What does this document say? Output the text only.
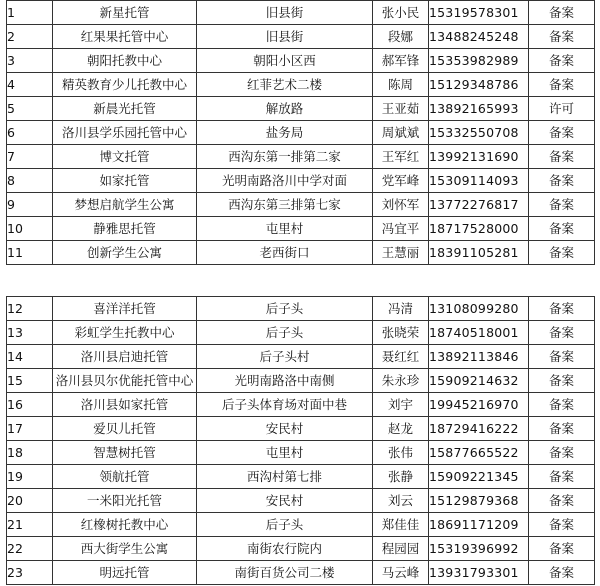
1	新星托管	旧县街	张小民	15319578301	备案
2	红果果托管中心	旧县街	段娜	13488245248	备案
3	朝阳托教中心	朝阳小区西	郝军锋	15353982989	备案
4	精英教育少儿托教中心	红菲艺术二楼	陈周	15129348786	备案
5	新晨光托管	解放路	王亚茹	13892165993	许可
6	洛川县学乐园托管中心	盐务局	周斌斌	15332550708	备案
7	博文托管	西沟东第一排第二家	王军红	13992131690	备案
8	如家托管	光明南路洛川中学对面	党军峰	15309114093	备案
9	梦想启航学生公寓	西沟东第三排第七家	刘怀军	13772276817	备案
10	静雅思托管	屯里村	冯宜平	18717528000	备案
11	创新学生公寓	老西街口	王慧丽	18391105281	备案
12	喜洋洋托管	后子头	冯清	13108099280	备案
13	彩虹学生托教中心	后子头	张晓荣	18740518001	备案
14	洛川县启迪托管	后子头村	聂红红	13892113846	备案
15	洛川县贝尔优能托管中心	光明南路洛中南侧	朱永珍	15909214632	备案
16	洛川县如家托管	后子头体育场对面中巷	刘宇	19945216970	备案
17	爱贝儿托管	安民村	赵龙	18729416222	备案
18	智慧树托管	屯里村	张伟	15877665522	备案
19	领航托管	西沟村第七排	张静	15909221345	备案
20	一米阳光托管	安民村	刘云	15129879368	备案
21	红橡树托教中心	后子头	郑佳佳	18691171209	备案
22	西大街学生公寓	南街农行院内	程园园	15319396992	备案
23	明远托管	南街百货公司二楼	马云峰	13931793301	备案
